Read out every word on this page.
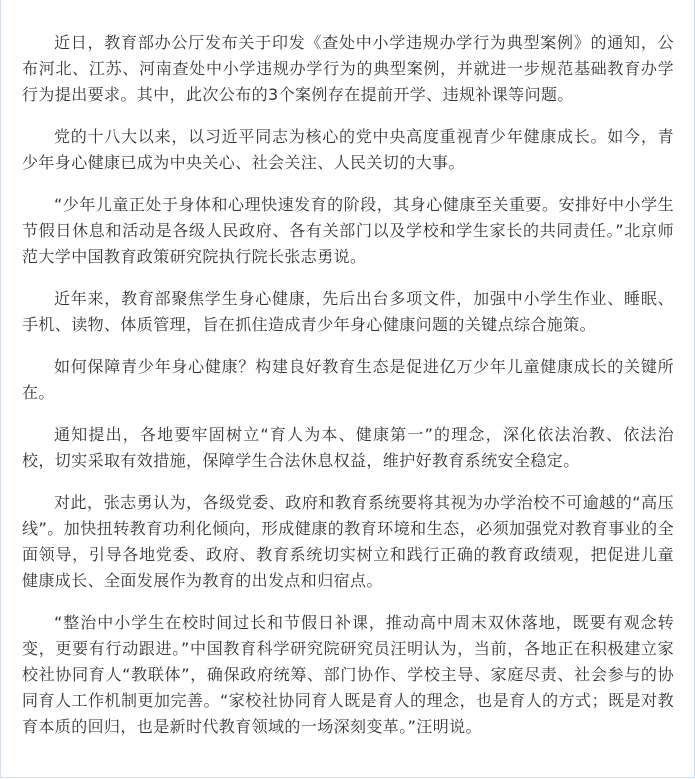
近日，教育部办公厅发布关于印发《查处中小学违规办学行为典型案例》的通知，公布河北、江苏、河南查处中小学违规办学行为的典型案例，并就进一步规范基础教育办学行为提出要求。其中，此次公布的3个案例存在提前开学、违规补课等问题。

党的十八大以来，以习近平同志为核心的党中央高度重视青少年健康成长。如今，青少年身心健康已成为中央关心、社会关注、人民关切的大事。

“少年儿童正处于身体和心理快速发育的阶段，其身心健康至关重要。安排好中小学生节假日休息和活动是各级人民政府、各有关部门以及学校和学生家长的共同责任。”北京师范大学中国教育政策研究院执行院长张志勇说。

近年来，教育部聚焦学生身心健康，先后出台多项文件，加强中小学生作业、睡眠、手机、读物、体质管理，旨在抓住造成青少年身心健康问题的关键点综合施策。

如何保障青少年身心健康？构建良好教育生态是促进亿万少年儿童健康成长的关键所在。

通知提出，各地要牢固树立“育人为本、健康第一”的理念，深化依法治教、依法治校，切实采取有效措施，保障学生合法休息权益，维护好教育系统安全稳定。

对此，张志勇认为，各级党委、政府和教育系统要将其视为办学治校不可逾越的“高压线”。加快扭转教育功利化倾向，形成健康的教育环境和生态，必须加强党对教育事业的全面领导，引导各地党委、政府、教育系统切实树立和践行正确的教育政绩观，把促进儿童健康成长、全面发展作为教育的出发点和归宿点。

“整治中小学生在校时间过长和节假日补课，推动高中周末双休落地，既要有观念转变，更要有行动跟进。”中国教育科学研究院研究员汪明认为，当前，各地正在积极建立家校社协同育人“教联体”，确保政府统筹、部门协作、学校主导、家庭尽责、社会参与的协同育人工作机制更加完善。“家校社协同育人既是育人的理念，也是育人的方式；既是对教育本质的回归，也是新时代教育领域的一场深刻变革。”汪明说。
